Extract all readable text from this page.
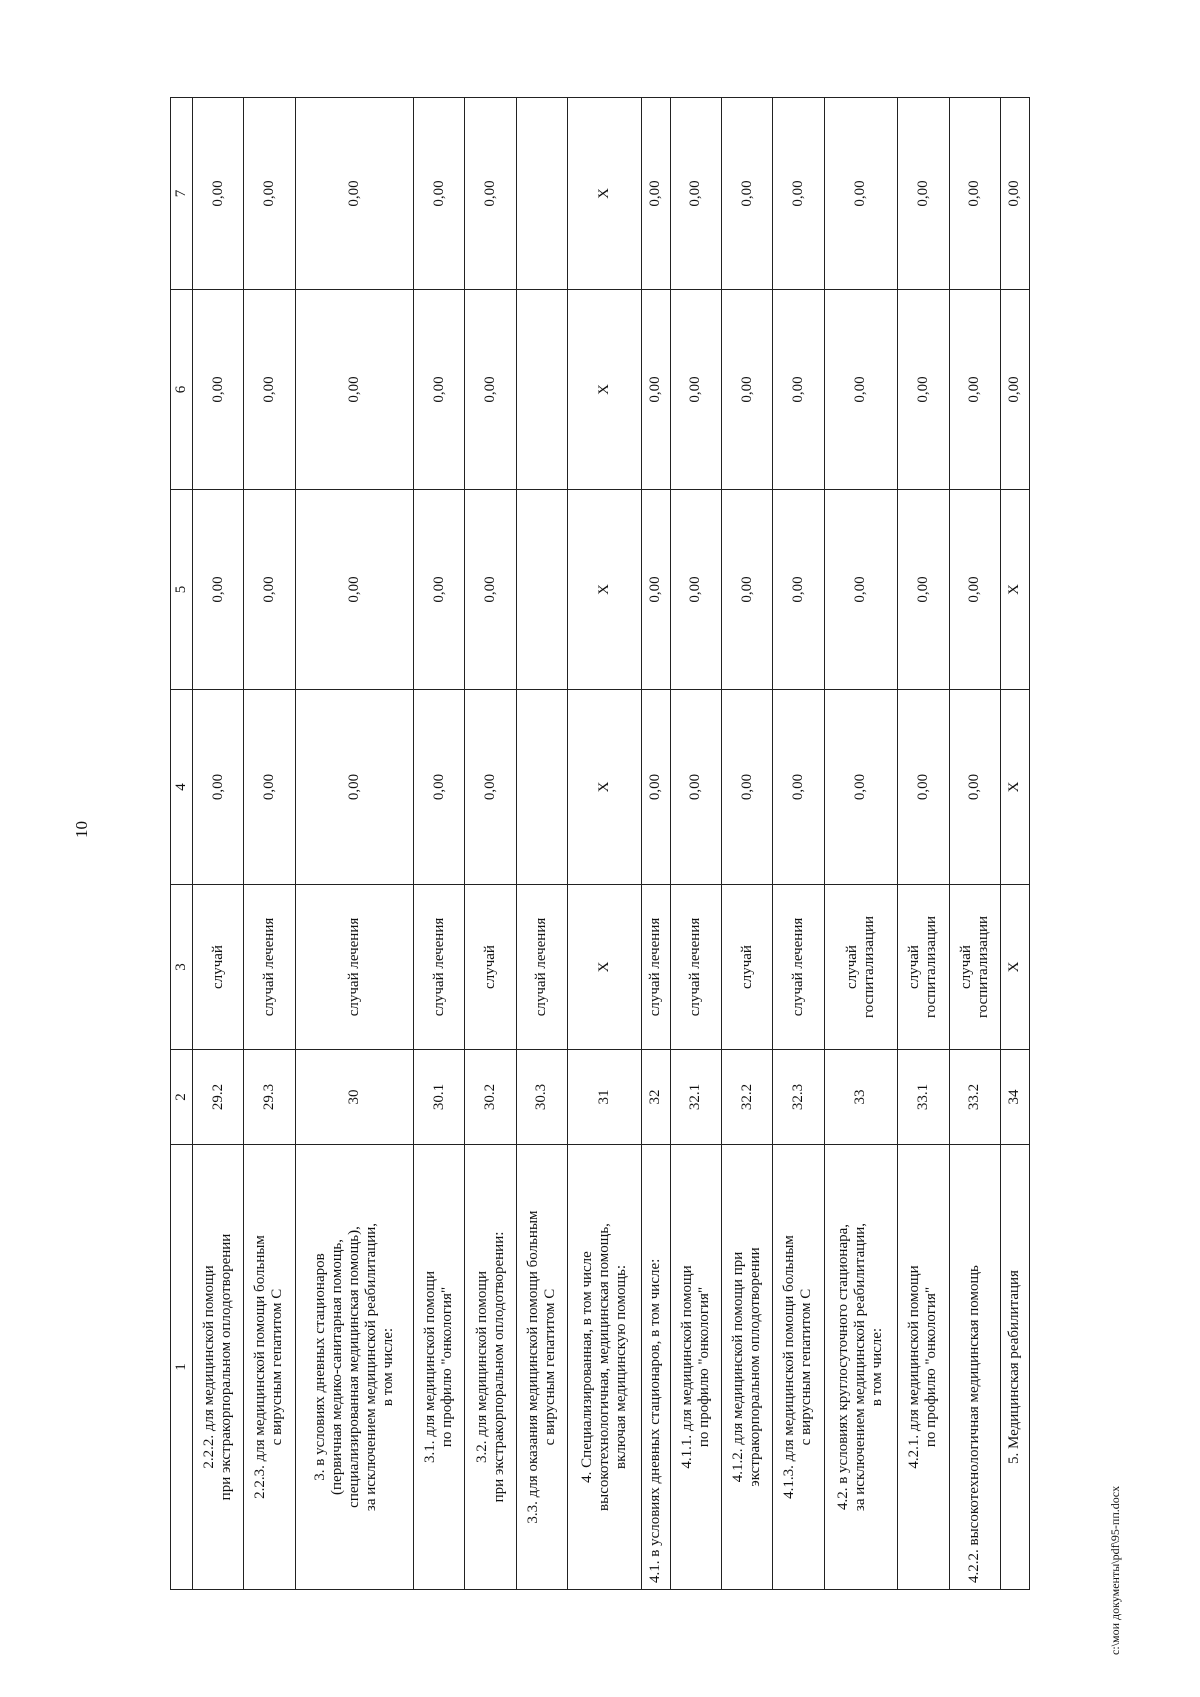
10
1	2	3	4	5	6	7
2.2.2. для медицинской помощи
при экстракорпоральном оплодотворении	29.2	случай	0,00	0,00	0,00	0,00
2.2.3. для медицинской помощи больным
с вирусным гепатитом С	29.3	случай лечения	0,00	0,00	0,00	0,00
3. в условиях дневных стационаров
(первичная медико-санитарная помощь,
специализированная медицинская помощь),
за исключением медицинской реабилитации,
в том числе:	30	случай лечения	0,00	0,00	0,00	0,00
3.1. для медицинской помощи
по профилю "онкология"	30.1	случай лечения	0,00	0,00	0,00	0,00
3.2. для медицинской помощи
при экстракорпоральном оплодотворении:	30.2	случай	0,00	0,00	0,00	0,00
3.3. для оказания медицинской помощи больным
с вирусным гепатитом С	30.3	случай лечения				
4. Специализированная, в том числе
высокотехнологичная, медицинская помощь,
включая медицинскую помощь:	31	X	X	X	X	X
4.1. в условиях дневных стационаров, в том числе:	32	случай лечения	0,00	0,00	0,00	0,00
4.1.1. для медицинской помощи
по профилю "онкология"	32.1	случай лечения	0,00	0,00	0,00	0,00
4.1.2. для медицинской помощи при
экстракорпоральном оплодотворении	32.2	случай	0,00	0,00	0,00	0,00
4.1.3. для медицинской помощи больным
с вирусным гепатитом С	32.3	случай лечения	0,00	0,00	0,00	0,00
4.2. в условиях круглосуточного стационара,
за исключением медицинской реабилитации,
в том числе:	33	случай
госпитализации	0,00	0,00	0,00	0,00
4.2.1. для медицинской помощи
по профилю "онкология"	33.1	случай
госпитализации	0,00	0,00	0,00	0,00
4.2.2. высокотехнологичная медицинская помощь	33.2	случай
госпитализации	0,00	0,00	0,00	0,00
5. Медицинская реабилитация	34	X	X	X	0,00	0,00
c:\мои документы\pdf\95-пп.docx
